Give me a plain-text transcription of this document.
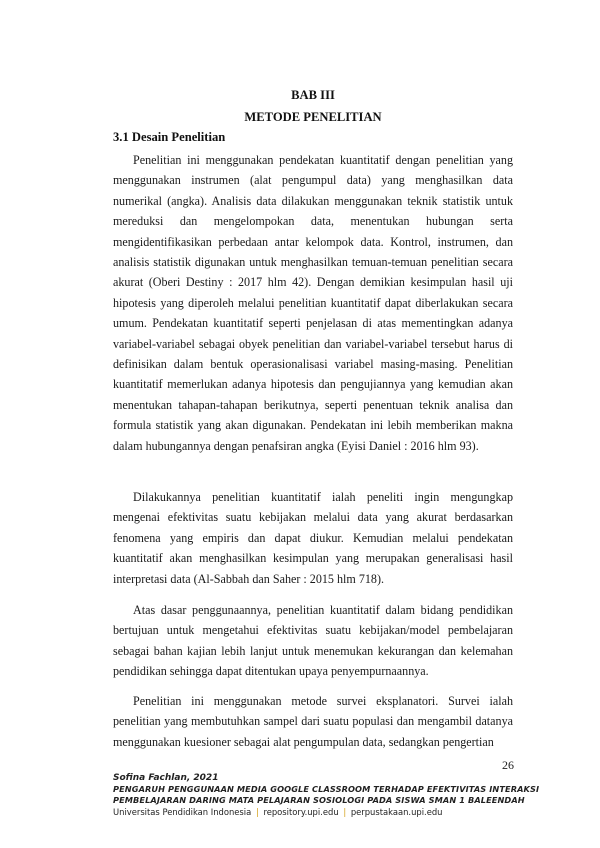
BAB III
METODE PENELITIAN
3.1 Desain Penelitian

Penelitian ini menggunakan pendekatan kuantitatif dengan penelitian yang menggunakan instrumen (alat pengumpul data) yang menghasilkan data numerikal (angka). Analisis data dilakukan menggunakan teknik statistik untuk mereduksi dan mengelompokan data, menentukan hubungan serta mengidentifikasikan perbedaan antar kelompok data. Kontrol, instrumen, dan analisis statistik digunakan untuk menghasilkan temuan-temuan penelitian secara akurat (Oberi Destiny : 2017 hlm 42). Dengan demikian kesimpulan hasil uji hipotesis yang diperoleh melalui penelitian kuantitatif dapat diberlakukan secara umum. Pendekatan kuantitatif seperti penjelasan di atas mementingkan adanya variabel-variabel sebagai obyek penelitian dan variabel-variabel tersebut harus di definisikan dalam bentuk operasionalisasi variabel masing-masing. Penelitian kuantitatif memerlukan adanya hipotesis dan pengujiannya yang kemudian akan menentukan tahapan-tahapan berikutnya, seperti penentuan teknik analisa dan formula statistik yang akan digunakan. Pendekatan ini lebih memberikan makna dalam hubungannya dengan penafsiran angka (Eyisi Daniel : 2016 hlm 93).

Dilakukannya penelitian kuantitatif ialah peneliti ingin mengungkap mengenai efektivitas suatu kebijakan melalui data yang akurat berdasarkan fenomena yang empiris dan dapat diukur. Kemudian melalui pendekatan kuantitatif akan menghasilkan kesimpulan yang merupakan generalisasi hasil interpretasi data (Al-Sabbah dan Saher : 2015 hlm 718).

Atas dasar penggunaannya, penelitian kuantitatif dalam bidang pendidikan bertujuan untuk mengetahui efektivitas suatu kebijakan/model pembelajaran sebagai bahan kajian lebih lanjut untuk menemukan kekurangan dan kelemahan pendidikan sehingga dapat ditentukan upaya penyempurnaannya.

Penelitian ini menggunakan metode survei eksplanatori. Survei ialah penelitian yang membutuhkan sampel dari suatu populasi dan mengambil datanya menggunakan kuesioner sebagai alat pengumpulan data, sedangkan pengertian

26
Sofina Fachlan, 2021
PENGARUH PENGGUNAAN MEDIA GOOGLE CLASSROOM TERHADAP EFEKTIVITAS INTERAKSI
PEMBELAJARAN DARING MATA PELAJARAN SOSIOLOGI PADA SISWA SMAN 1 BALEENDAH
Universitas Pendidikan Indonesia | repository.upi.edu | perpustakaan.upi.edu
